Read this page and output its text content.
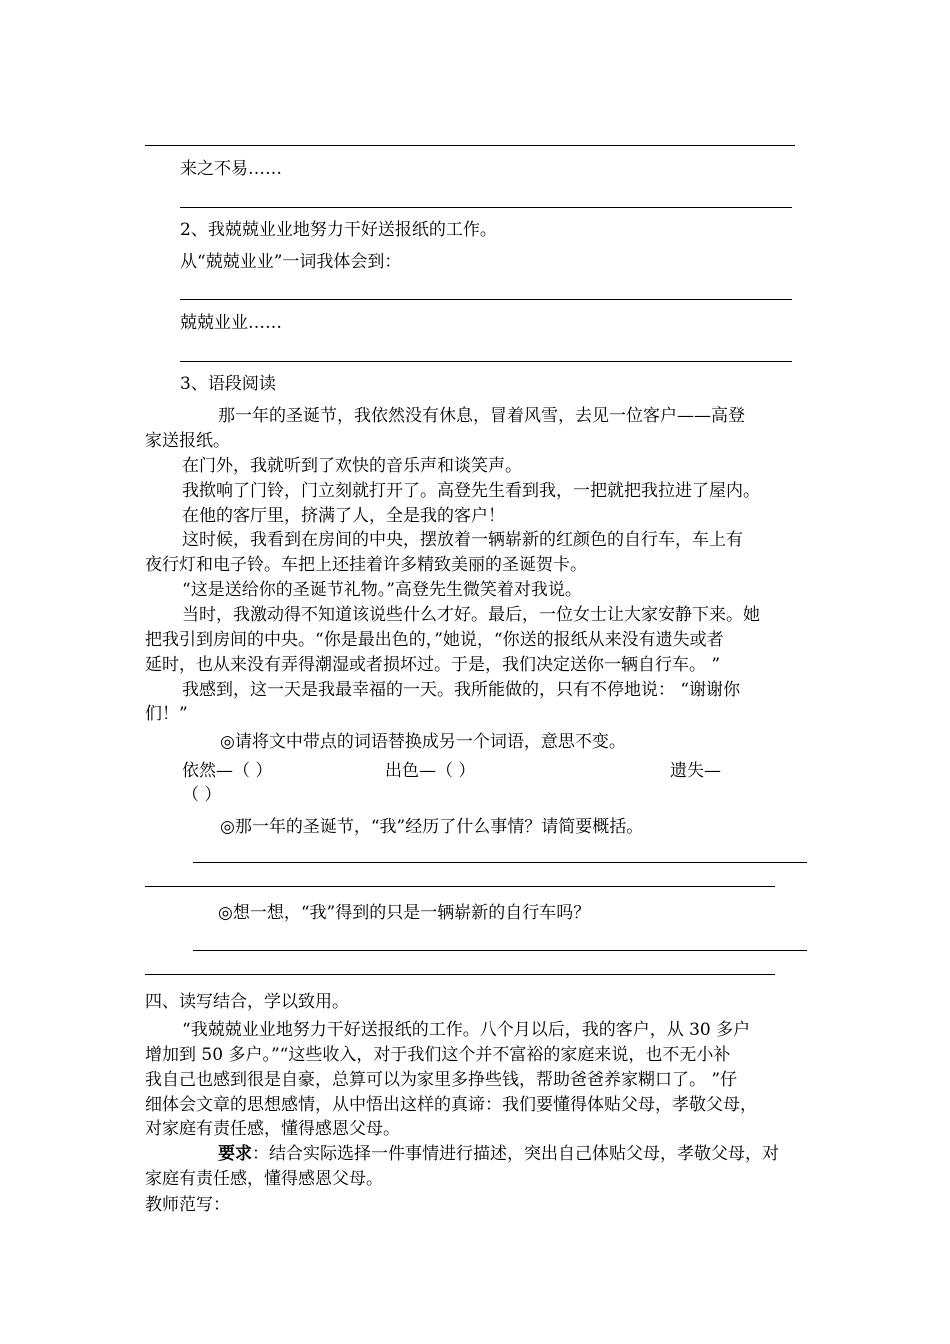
来之不易……
2、我兢兢业业地努力干好送报纸的工作。
从“兢兢业业”一词我体会到：
兢兢业业……
3、语段阅读
那一年的圣诞节，我依然没有休息，冒着风雪，去见一位客户——高登
家送报纸。
在门外，我就听到了欢快的音乐声和谈笑声。
我揿响了门铃，门立刻就打开了。高登先生看到我，一把就把我拉进了屋内。
在他的客厅里，挤满了人，全是我的客户！
这时候，我看到在房间的中央，摆放着一辆崭新的红颜色的自行车，车上有
夜行灯和电子铃。车把上还挂着许多精致美丽的圣诞贺卡。
“这是送给你的圣诞节礼物。”高登先生微笑着对我说。
当时，我激动得不知道该说些什么才好。最后，一位女士让大家安静下来。她
把我引到房间的中央。“你是最出色的，”她说，“你送的报纸从来没有遗失或者
延时，也从来没有弄得潮湿或者损坏过。于是，我们决定送你一辆自行车。 ”
我感到，这一天是我最幸福的一天。我所能做的，只有不停地说： “谢谢你
们！”
◎请将文中带点的词语替换成另一个词语，意思不变。
依然—（ ）	出色—（ ）	遗失—
（ ）
◎那一年的圣诞节，“我”经历了什么事情？请简要概括。
◎想一想，“我”得到的只是一辆崭新的自行车吗？
四、读写结合，学以致用。
“我兢兢业业地努力干好送报纸的工作。八个月以后，我的客户，从 30 多户
增加到 50 多户。”“这些收入，对于我们这个并不富裕的家庭来说，也不无小补
我自己也感到很是自豪，总算可以为家里多挣些钱，帮助爸爸养家糊口了。 ”仔
细体会文章的思想感情，从中悟出这样的真谛：我们要懂得体贴父母，孝敬父母，
对家庭有责任感，懂得感恩父母。
要求：结合实际选择一件事情进行描述，突出自己体贴父母，孝敬父母，对
家庭有责任感，懂得感恩父母。
教师范写：
